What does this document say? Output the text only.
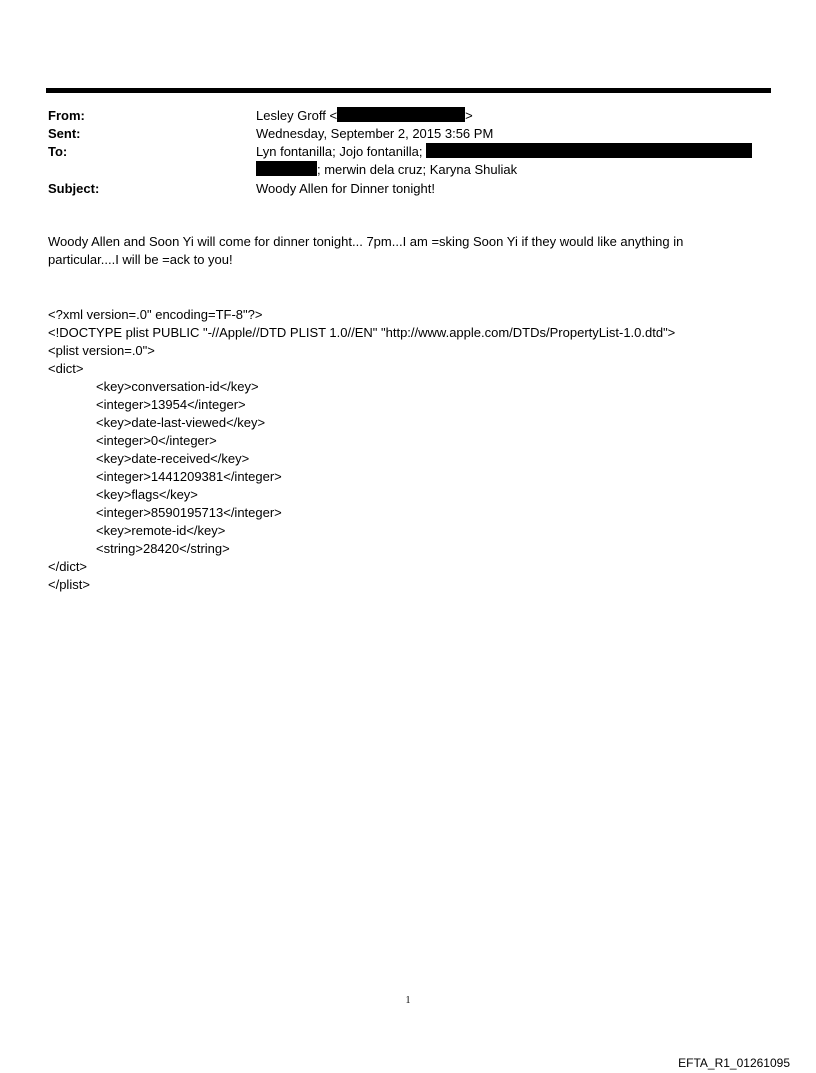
From:	Lesley Groff <	>
Sent:	Wednesday, September 2, 2015 3:56 PM
To:	Lyn fontanilla; Jojo fontanilla;
; merwin dela cruz; Karyna Shuliak
Subject:	Woody Allen for Dinner tonight!
Woody Allen and Soon Yi will come for dinner tonight... 7pm...I am =sking Soon Yi if they would like anything in particular....I will be =ack to you!
<?xml version=.0" encoding=TF-8"?>
<!DOCTYPE plist PUBLIC "-//Apple//DTD PLIST 1.0//EN" "http://www.apple.com/DTDs/PropertyList-1.0.dtd">
<plist version=.0">
<dict>
<key>conversation-id</key>
<integer>13954</integer>
<key>date-last-viewed</key>
<integer>0</integer>
<key>date-received</key>
<integer>1441209381</integer>
<key>flags</key>
<integer>8590195713</integer>
<key>remote-id</key>
<string>28420</string>
</dict>
</plist>
1
EFTA_R1_01261095
